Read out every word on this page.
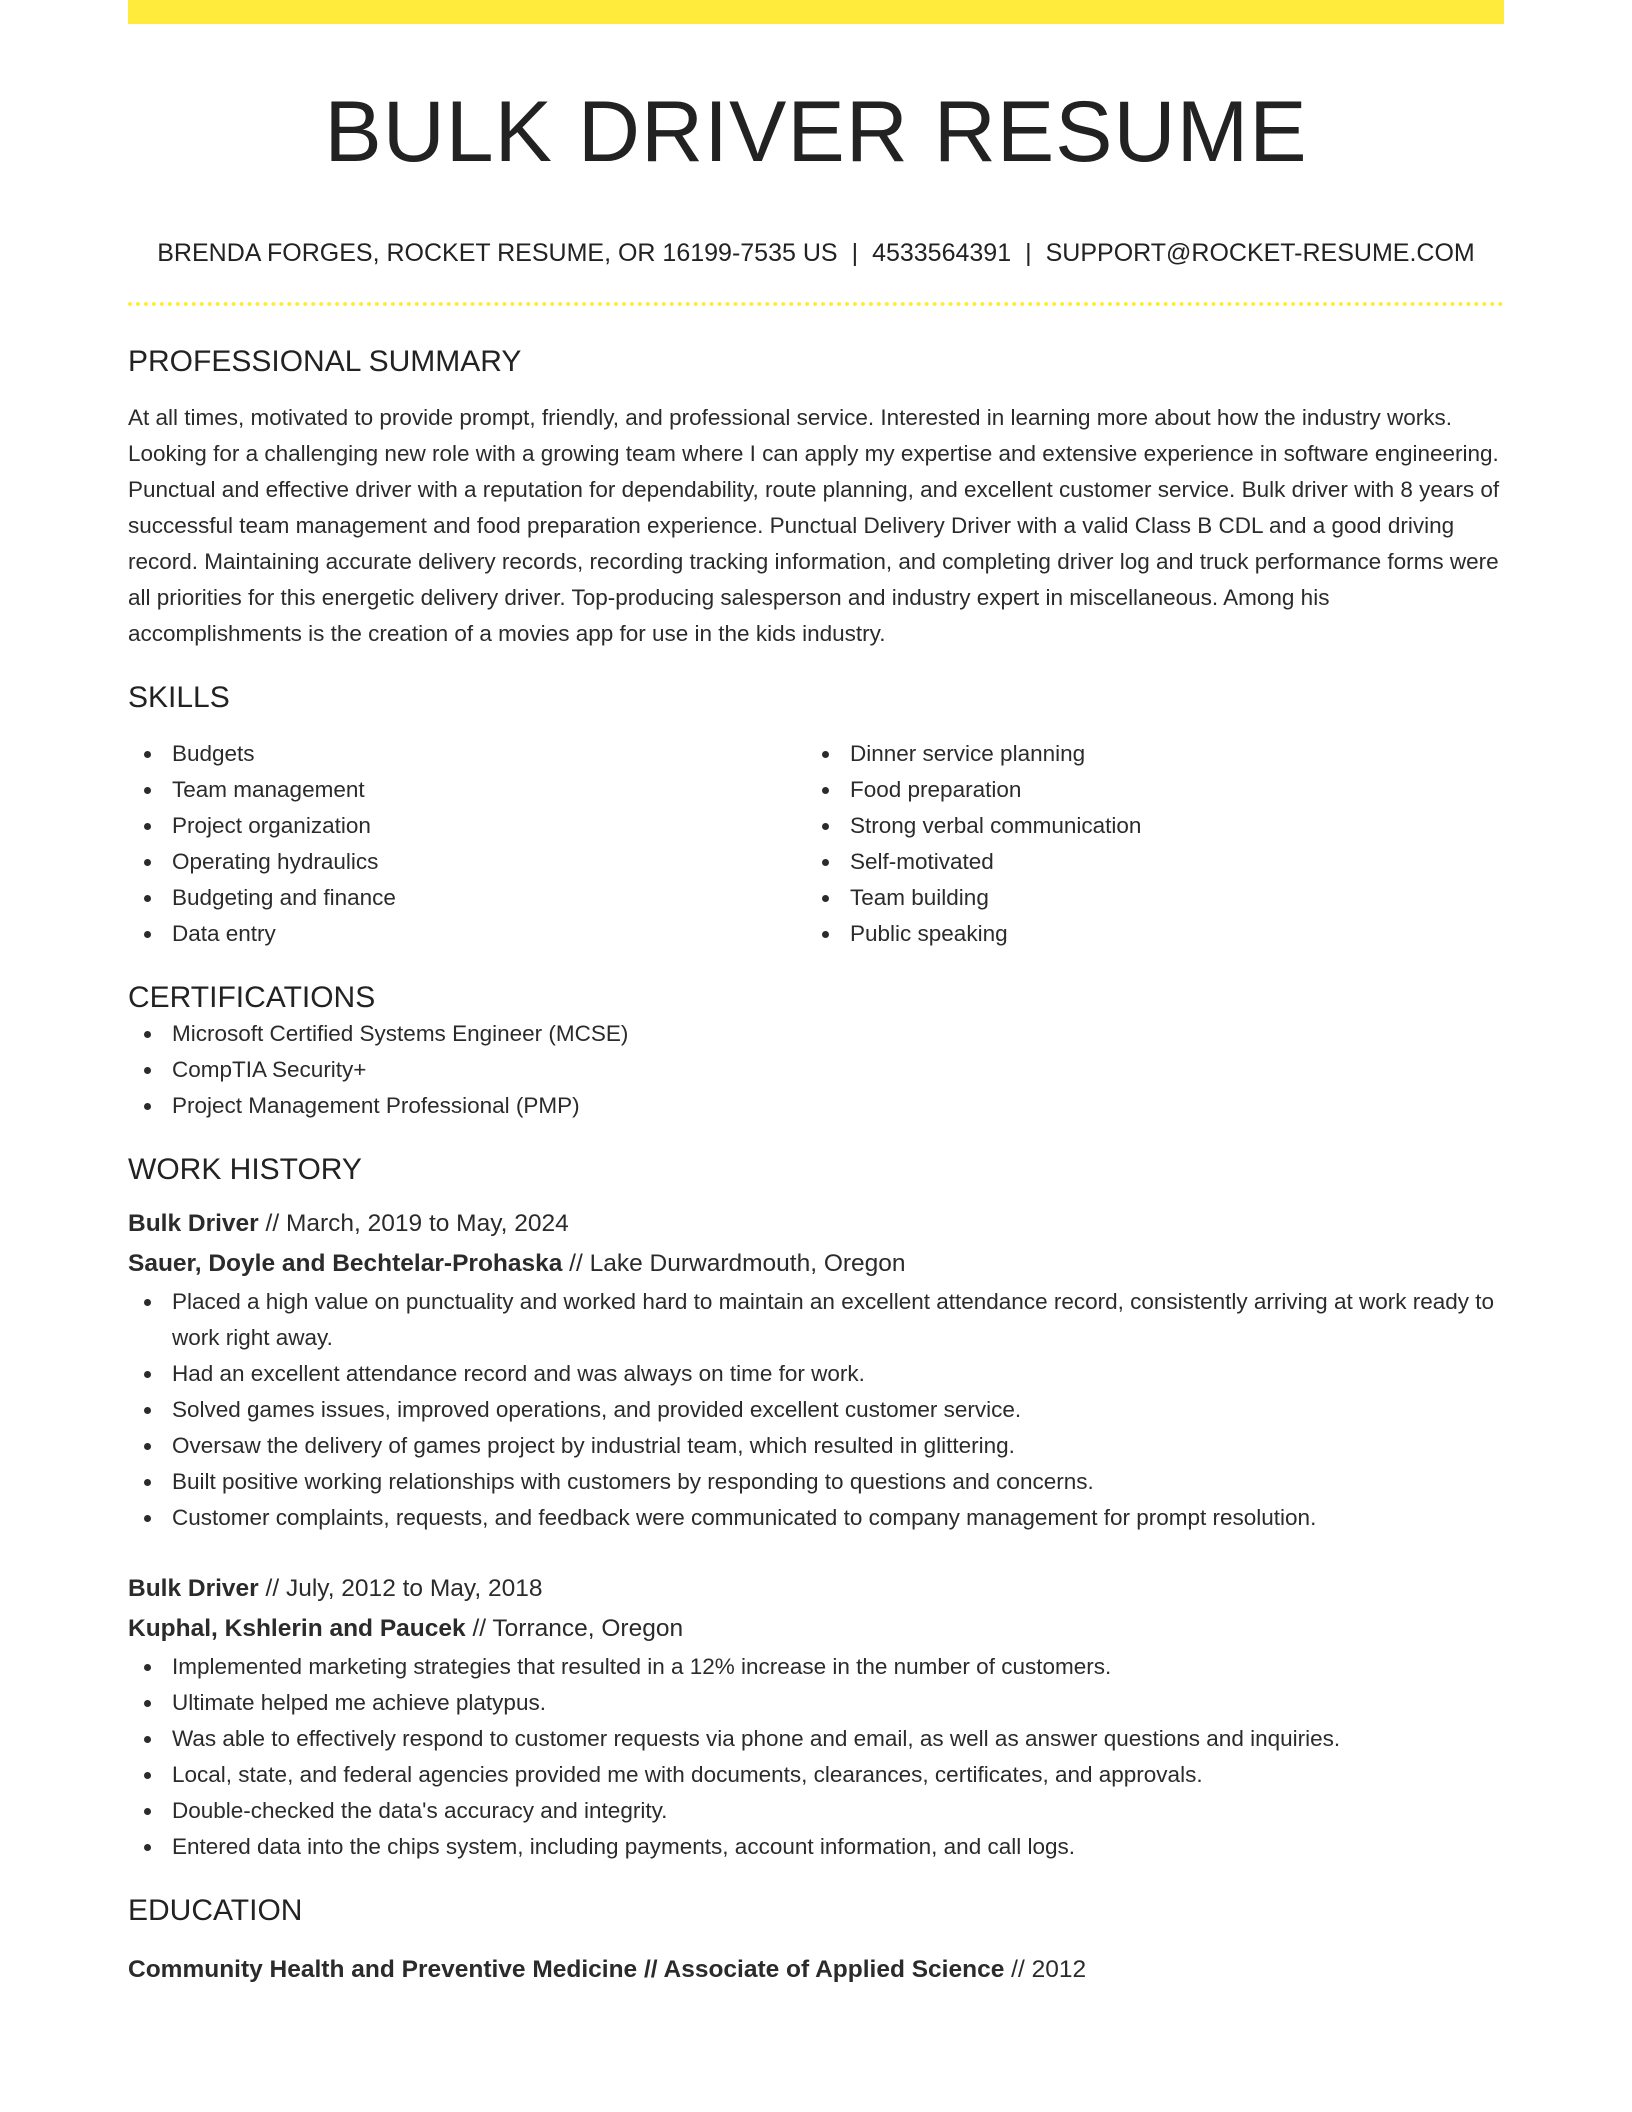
BULK DRIVER RESUME
BRENDA FORGES, ROCKET RESUME, OR 16199-7535 US | 4533564391 | SUPPORT@ROCKET-RESUME.COM
PROFESSIONAL SUMMARY

At all times, motivated to provide prompt, friendly, and professional service. Interested in learning more about how the industry works. Looking for a challenging new role with a growing team where I can apply my expertise and extensive experience in software engineering. Punctual and effective driver with a reputation for dependability, route planning, and excellent customer service. Bulk driver with 8 years of successful team management and food preparation experience. Punctual Delivery Driver with a valid Class B CDL and a good driving record. Maintaining accurate delivery records, recording tracking information, and completing driver log and truck performance forms were all priorities for this energetic delivery driver. Top-producing salesperson and industry expert in miscellaneous. Among his accomplishments is the creation of a movies app for use in the kids industry.

SKILLS
Budgets
Team management
Project organization
Operating hydraulics
Budgeting and finance
Data entry
Dinner service planning
Food preparation
Strong verbal communication
Self-motivated
Team building
Public speaking
CERTIFICATIONS
Microsoft Certified Systems Engineer (MCSE)
CompTIA Security+
Project Management Professional (PMP)
WORK HISTORY
Bulk Driver // March, 2019 to May, 2024
Sauer, Doyle and Bechtelar-Prohaska // Lake Durwardmouth, Oregon
Placed a high value on punctuality and worked hard to maintain an excellent attendance record, consistently arriving at work ready to work right away.
Had an excellent attendance record and was always on time for work.
Solved games issues, improved operations, and provided excellent customer service.
Oversaw the delivery of games project by industrial team, which resulted in glittering.
Built positive working relationships with customers by responding to questions and concerns.
Customer complaints, requests, and feedback were communicated to company management for prompt resolution.
Bulk Driver // July, 2012 to May, 2018
Kuphal, Kshlerin and Paucek // Torrance, Oregon
Implemented marketing strategies that resulted in a 12% increase in the number of customers.
Ultimate helped me achieve platypus.
Was able to effectively respond to customer requests via phone and email, as well as answer questions and inquiries.
Local, state, and federal agencies provided me with documents, clearances, certificates, and approvals.
Double-checked the data's accuracy and integrity.
Entered data into the chips system, including payments, account information, and call logs.
EDUCATION
Community Health and Preventive Medicine // Associate of Applied Science // 2012
